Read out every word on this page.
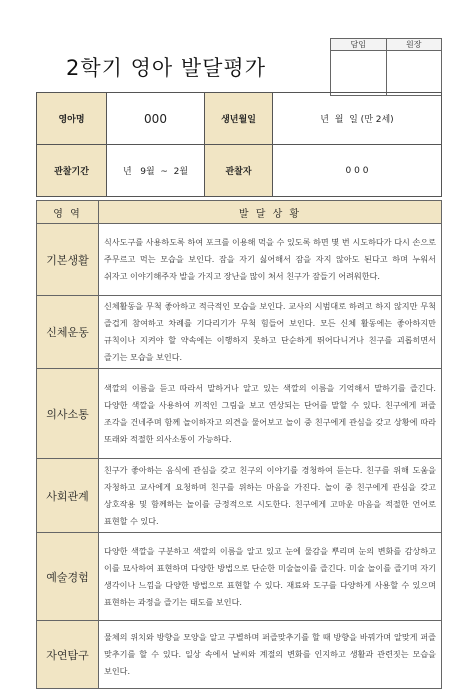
2학기 영아 발달평가
담임	원장

영아명	000	생년월일	년  월  일 (만 2세)
관찰기간	년   9월  ~  2월	관찰자	0 0 0
영 역	발 달 상 황
기본생활	식사도구를 사용하도록 하여 포크를 이용해 먹을 수 있도록 하면 몇 번 시도하다가 다시 손으로 주무르고 먹는 모습을 보인다. 잠을 자기 싫어해서 잠을 자지 않아도 된다고 하며 누워서 쉬자고 이야기해주자 발을 가지고 장난을 많이 쳐서 친구가 잠들기 어려워한다.
신체운동	신체활동을 무척 좋아하고 적극적인 모습을 보인다. 교사의 시범대로 하려고 하지 않지만 무척 즐겁게 참여하고 차례를 기다리기가 무척 힘들어 보인다. 모든 신체 활동에는 좋아하지만 규칙이나 지켜야 할 약속에는 이행하지 못하고 단순하게 뛰어다니거나 친구를 괴롭히면서 즐기는 모습을 보인다.
의사소통	색깔의 이름을 듣고 따라서 말하거나 알고 있는 색깔의 이름을 기억해서 말하기를 즐긴다. 다양한 색깔을 사용하여 끼적인 그림을 보고 연상되는 단어를 말할 수 있다. 친구에게 퍼즐 조각을 건네주며 함께 놀이하자고 의견을 물어보고 놀이 중 친구에게 관심을 갖고 상황에 따라 또래와 적절한 의사소통이 가능하다.
사회관계	친구가 좋아하는 음식에 관심을 갖고 친구의 이야기를 경청하여 듣는다. 친구를 위해 도움을 자청하고 교사에게 요청하며 친구를 위하는 마음을 가진다. 놀이 중 친구에게 관심을 갖고 상호작용 및 함께하는 놀이를 긍정적으로 시도한다. 친구에게 고마운 마음을 적절한 언어로 표현할 수 있다.
예술경험	다양한 색깔을 구분하고 색깔의 이름을 알고 있고 눈에 물감을 뿌리며 눈의 변화를 감상하고 이를 묘사하여 표현하며 다양한 방법으로 단순한 미술놀이를 즐긴다. 미술 놀이를 즐기며 자기 생각이나 느낌을 다양한 방법으로 표현할 수 있다. 재료와 도구를 다양하게 사용할 수 있으며 표현하는 과정을 즐기는 태도를 보인다.
자연탐구	물체의 위치와 방향을 모양을 알고 구별하며 퍼즐맞추기를 할 때 방향을 바꿔가며 알맞게 퍼즐 맞추기를 할 수 있다. 일상 속에서 날씨와 계절의 변화를 인지하고 생활과 관련짓는 모습을 보인다.
